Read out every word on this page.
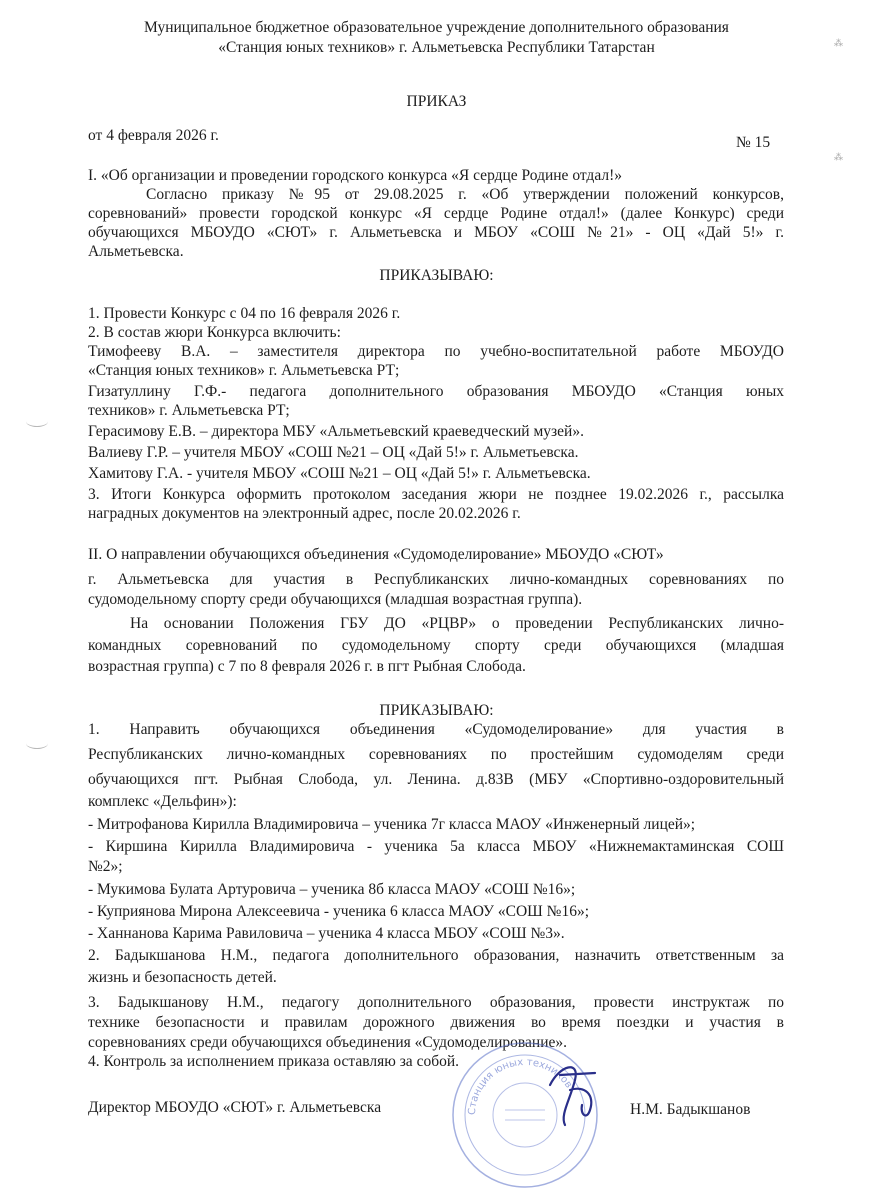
Муниципальное бюджетное образовательное учреждение дополнительного образования
«Станция юных техников» г. Альметьевска Республики Татарстан
ПРИКАЗ
от 4 февраля 2026 г.	№ 15
I. «Об организации и проведении городского конкурса «Я сердце Родине отдал!»
Согласно приказу №95 от 29.08.2025 г. «Об утверждении положений конкурсов,
соревнований» провести городской конкурс «Я сердце Родине отдал!» (далее Конкурс) среди
обучающихся МБОУДО «СЮТ» г. Альметьевска и МБОУ «СОШ №21» - ОЦ «Дай 5!» г.
Альметьевска.
ПРИКАЗЫВАЮ:
1. Провести Конкурс с 04 по 16 февраля 2026 г.
2. В состав жюри Конкурса включить:
Тимофееву В.А. – заместителя директора по учебно-воспитательной работе МБОУДО
«Станция юных техников» г. Альметьевска РТ;
Гизатуллину Г.Ф.- педагога дополнительного образования МБОУДО «Станция юных
техников» г. Альметьевска РТ;
Герасимову Е.В. – директора МБУ «Альметьевский краеведческий музей».
Валиеву Г.Р. – учителя МБОУ «СОШ №21 – ОЦ «Дай 5!» г. Альметьевска.
Хамитову Г.А. - учителя МБОУ «СОШ №21 – ОЦ «Дай 5!» г. Альметьевска.
3. Итоги Конкурса оформить протоколом заседания жюри не позднее 19.02.2026 г., рассылка
наградных документов на электронный адрес, после 20.02.2026 г.
II. О направлении обучающихся объединения «Судомоделирование» МБОУДО «СЮТ»
г. Альметьевска для участия в Республиканских лично-командных соревнованиях по
судомодельному спорту среди обучающихся (младшая возрастная группа).
На основании Положения ГБУ ДО «РЦВР» о проведении Республиканских лично-
командных соревнований по судомодельному спорту среди обучающихся (младшая
возрастная группа) с 7 по 8 февраля 2026 г. в пгт Рыбная Слобода.
ПРИКАЗЫВАЮ:
1. Направить обучающихся объединения «Судомоделирование» для участия в
Республиканских лично-командных соревнованиях по простейшим судомоделям среди
обучающихся пгт. Рыбная Слобода, ул. Ленина. д.83В (МБУ «Спортивно-оздоровительный
комплекс «Дельфин»):
- Митрофанова Кирилла Владимировича – ученика 7г класса МАОУ «Инженерный лицей»;
- Киршина Кирилла Владимировича - ученика 5а класса МБОУ «Нижнемактаминская СОШ
№2»;
- Мукимова Булата Артуровича – ученика 8б класса МАОУ «СОШ №16»;
- Куприянова Мирона Алексеевича - ученика 6 класса МАОУ «СОШ №16»;
- Ханнанова Карима Равиловича – ученика 4 класса МБОУ «СОШ №3».
2. Бадыкшанова Н.М., педагога дополнительного образования, назначить ответственным за
жизнь и безопасность детей.
3. Бадыкшанову Н.М., педагогу дополнительного образования, провести инструктаж по
технике безопасности и правилам дорожного движения во время поездки и участия в
соревнованиях среди обучающихся объединения «Судомоделирование».
4. Контроль за исполнением приказа оставляю за собой.
Директор МБОУДО «СЮТ» г. Альметьевска	Н.М. Бадыкшанов
Станция юных техников
⁂
⁂
